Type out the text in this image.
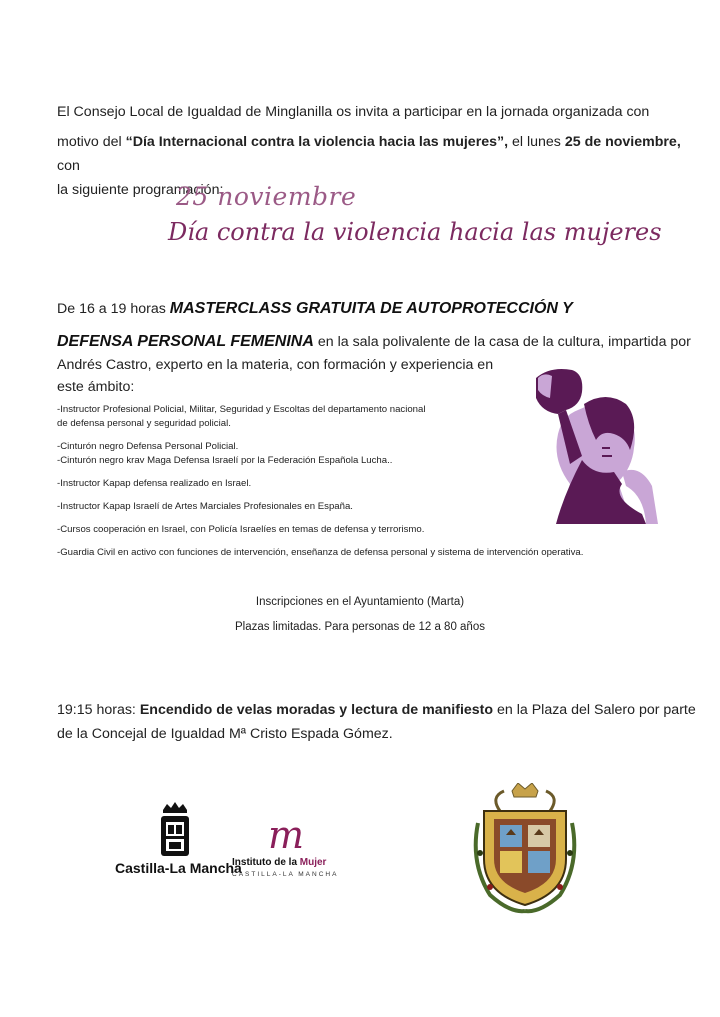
El Consejo Local de Igualdad de Minglanilla os invita a participar en la jornada organizada con
motivo del “Día Internacional contra la violencia hacia las mujeres”, el lunes 25 de noviembre, con
la siguiente programación:
25 noviembre
Día contra la violencia hacia las mujeres
De 16 a 19 horas MASTERCLASS GRATUITA DE AUTOPROTECCIÓN Y
DEFENSA PERSONAL FEMENINA en la sala polivalente de la casa de la cultura, impartida por
Andrés Castro, experto en la materia, con formación y experiencia en
este ámbito:
-Instructor Profesional Policial, Militar, Seguridad y Escoltas del departamento nacional
de defensa personal y seguridad policial.
-Cinturón negro Defensa Personal Policial.
-Cinturón negro krav Maga Defensa Israelí por la Federación Española Lucha..
-Instructor Kapap defensa realizado en Israel.
-Instructor Kapap Israelí de Artes Marciales Profesionales en España.
-Cursos cooperación en Israel, con Policía Israelíes en temas de defensa y terrorismo.
-Guardia Civil en activo con funciones de intervención, enseñanza de defensa personal y sistema de intervención operativa.
Inscripciones en el Ayuntamiento (Marta)
Plazas limitadas. Para personas de 12 a 80 años
19:15 horas: Encendido de velas moradas y lectura de manifiesto en la Plaza del Salero por parte
de la Concejal de Igualdad Mª Cristo Espada Gómez.
Castilla-La Mancha
m
Instituto de la Mujer
CASTILLA-LA MANCHA
